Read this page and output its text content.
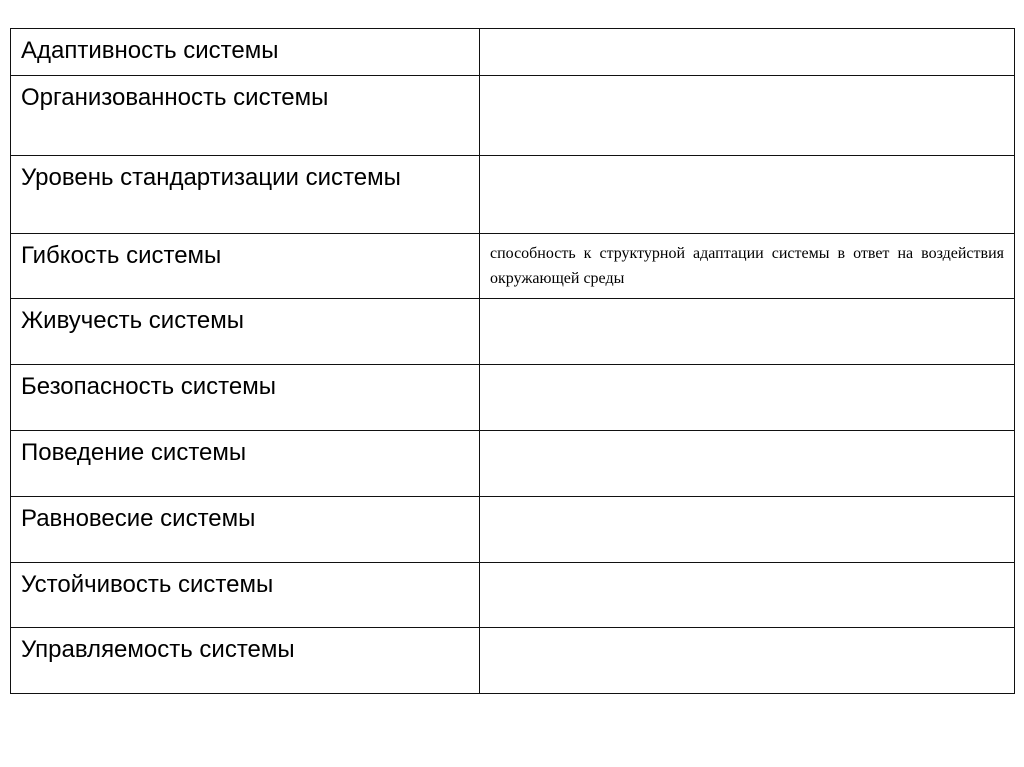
Адаптивность системы	
Организованность системы	
Уровень стандартизации системы	
Гибкость системы	способность к структурной адаптации системы в ответ на воздействия окружающей среды
Живучесть системы	
Безопасность системы	
Поведение системы	
Равновесие системы	
Устойчивость системы	
Управляемость системы	
